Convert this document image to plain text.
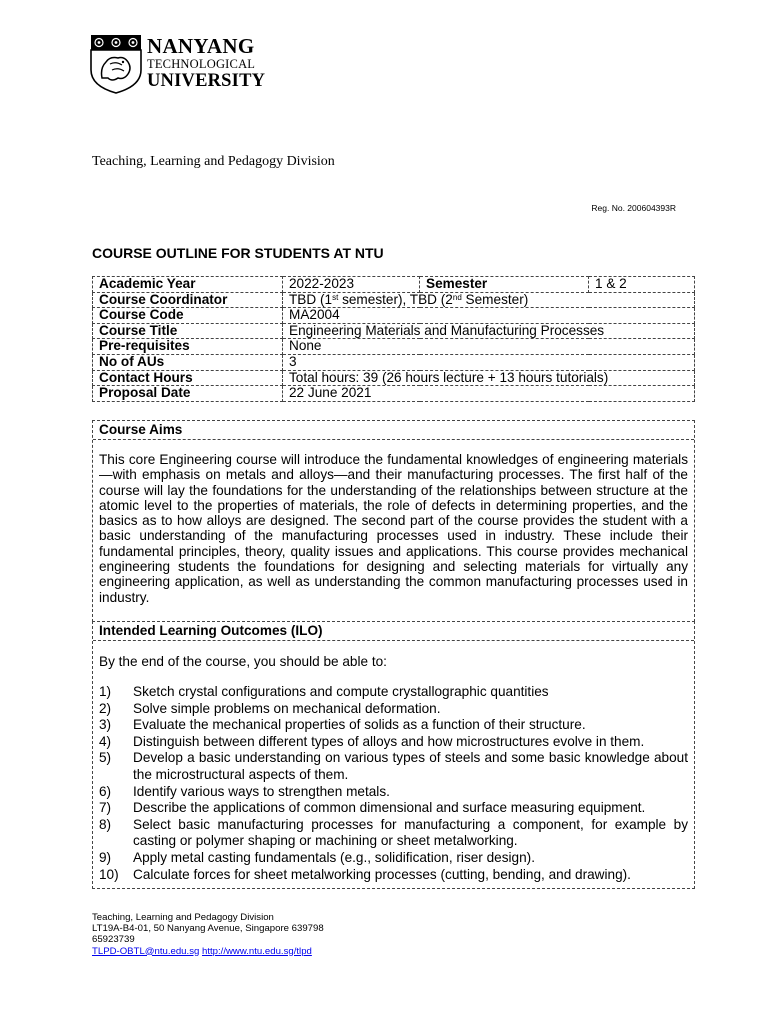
NANYANG
TECHNOLOGICAL
UNIVERSITY
Teaching, Learning and Pedagogy Division
Reg. No. 200604393R
COURSE OUTLINE FOR STUDENTS AT NTU
Academic Year	2022-2023	Semester	1 & 2
Course Coordinator	TBD (1st semester), TBD (2nd Semester)		
Course Code	MA2004		
Course Title	Engineering Materials and Manufacturing Processes		
Pre-requisites	None		
No of AUs	3		
Contact Hours	Total hours: 39 (26 hours lecture + 13 hours tutorials)		
Proposal Date	22 June 2021		
Course Aims

This core Engineering course will introduce the fundamental knowledges of engineering materials—with emphasis on metals and alloys—and their manufacturing processes. The first half of the course will lay the foundations for the understanding of the relationships between structure at the atomic level to the properties of materials, the role of defects in determining properties, and the basics as to how alloys are designed. The second part of the course provides the student with a basic understanding of the manufacturing processes used in industry. These include their fundamental principles, theory, quality issues and applications. This course provides mechanical engineering students the foundations for designing and selecting materials for virtually any engineering application, as well as understanding the common manufacturing processes used in industry.

Intended Learning Outcomes (ILO)
By the end of the course, you should be able to:
1)	Sketch crystal configurations and compute crystallographic quantities
2)	Solve simple problems on mechanical deformation.
3)	Evaluate the mechanical properties of solids as a function of their structure.
4)	Distinguish between different types of alloys and how microstructures evolve in them.
5)	Develop a basic understanding on various types of steels and some basic knowledge about the microstructural aspects of them.
6)	Identify various ways to strengthen metals.
7)	Describe the applications of common dimensional and surface measuring equipment.
8)	Select basic manufacturing processes for manufacturing a component, for example by casting or polymer shaping or machining or sheet metalworking.
9)	Apply metal casting fundamentals (e.g., solidification, riser design).
10)	Calculate forces for sheet metalworking processes (cutting, bending, and drawing).
Teaching, Learning and Pedagogy Division
LT19A-B4-01, 50 Nanyang Avenue, Singapore 639798
65923739
TLPD-OBTL@ntu.edu.sg http://www.ntu.edu.sg/tlpd
